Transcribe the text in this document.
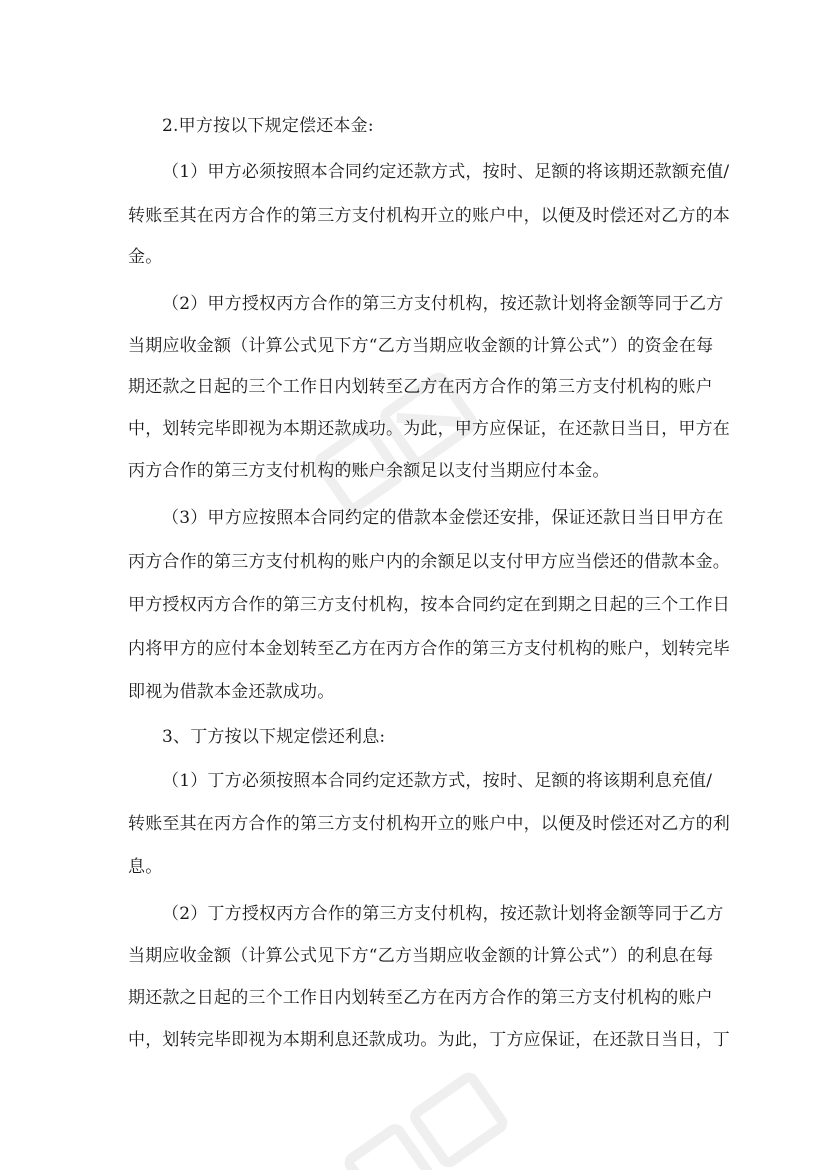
2.甲方按以下规定偿还本金:
（1）甲方必须按照本合同约定还款方式，按时、足额的将该期还款额充值/
转账至其在丙方合作的第三方支付机构开立的账户中，以便及时偿还对乙方的本
金。
（2）甲方授权丙方合作的第三方支付机构，按还款计划将金额等同于乙方
当期应收金额（计算公式见下方“乙方当期应收金额的计算公式”）的资金在每
期还款之日起的三个工作日内划转至乙方在丙方合作的第三方支付机构的账户
中，划转完毕即视为本期还款成功。为此，甲方应保证，在还款日当日，甲方在
丙方合作的第三方支付机构的账户余额足以支付当期应付本金。
（3）甲方应按照本合同约定的借款本金偿还安排，保证还款日当日甲方在
丙方合作的第三方支付机构的账户内的余额足以支付甲方应当偿还的借款本金。
甲方授权丙方合作的第三方支付机构，按本合同约定在到期之日起的三个工作日
内将甲方的应付本金划转至乙方在丙方合作的第三方支付机构的账户，划转完毕
即视为借款本金还款成功。
3、丁方按以下规定偿还利息:
（1）丁方必须按照本合同约定还款方式，按时、足额的将该期利息充值/
转账至其在丙方合作的第三方支付机构开立的账户中，以便及时偿还对乙方的利
息。
（2）丁方授权丙方合作的第三方支付机构，按还款计划将金额等同于乙方
当期应收金额（计算公式见下方“乙方当期应收金额的计算公式”）的利息在每
期还款之日起的三个工作日内划转至乙方在丙方合作的第三方支付机构的账户
中，划转完毕即视为本期利息还款成功。为此，丁方应保证，在还款日当日，丁
